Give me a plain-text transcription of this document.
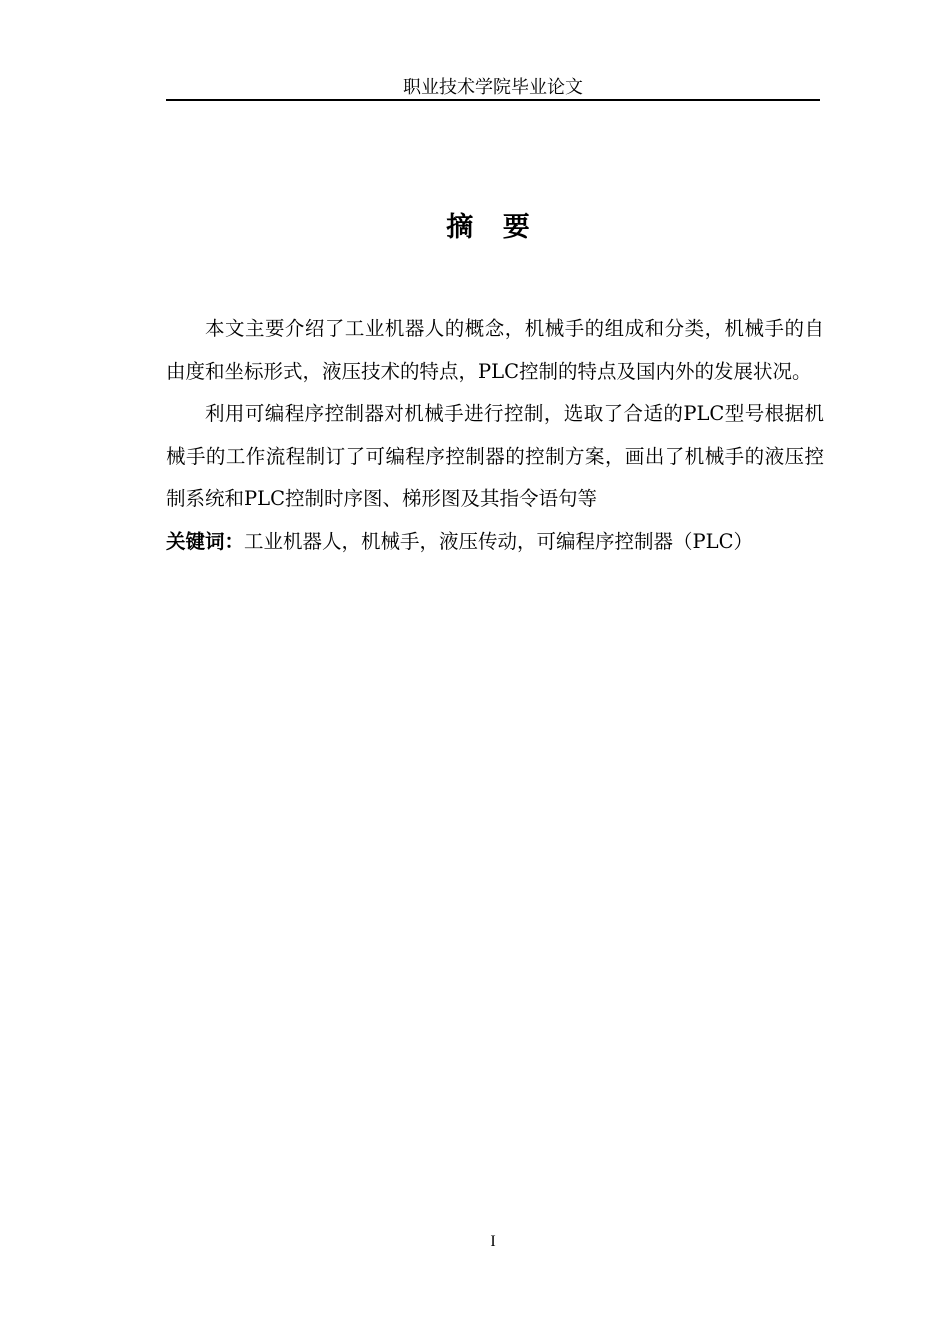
职业技术学院毕业论文
摘 要

本文主要介绍了工业机器人的概念，机械手的组成和分类，机械手的自由度和坐标形式，液压技术的特点，PLC控制的特点及国内外的发展状况。

利用可编程序控制器对机械手进行控制，选取了合适的PLC型号根据机械手的工作流程制订了可编程序控制器的控制方案，画出了机械手的液压控制系统和PLC控制时序图、梯形图及其指令语句等

关键词：工业机器人，机械手，液压传动，可编程序控制器（PLC）

I
